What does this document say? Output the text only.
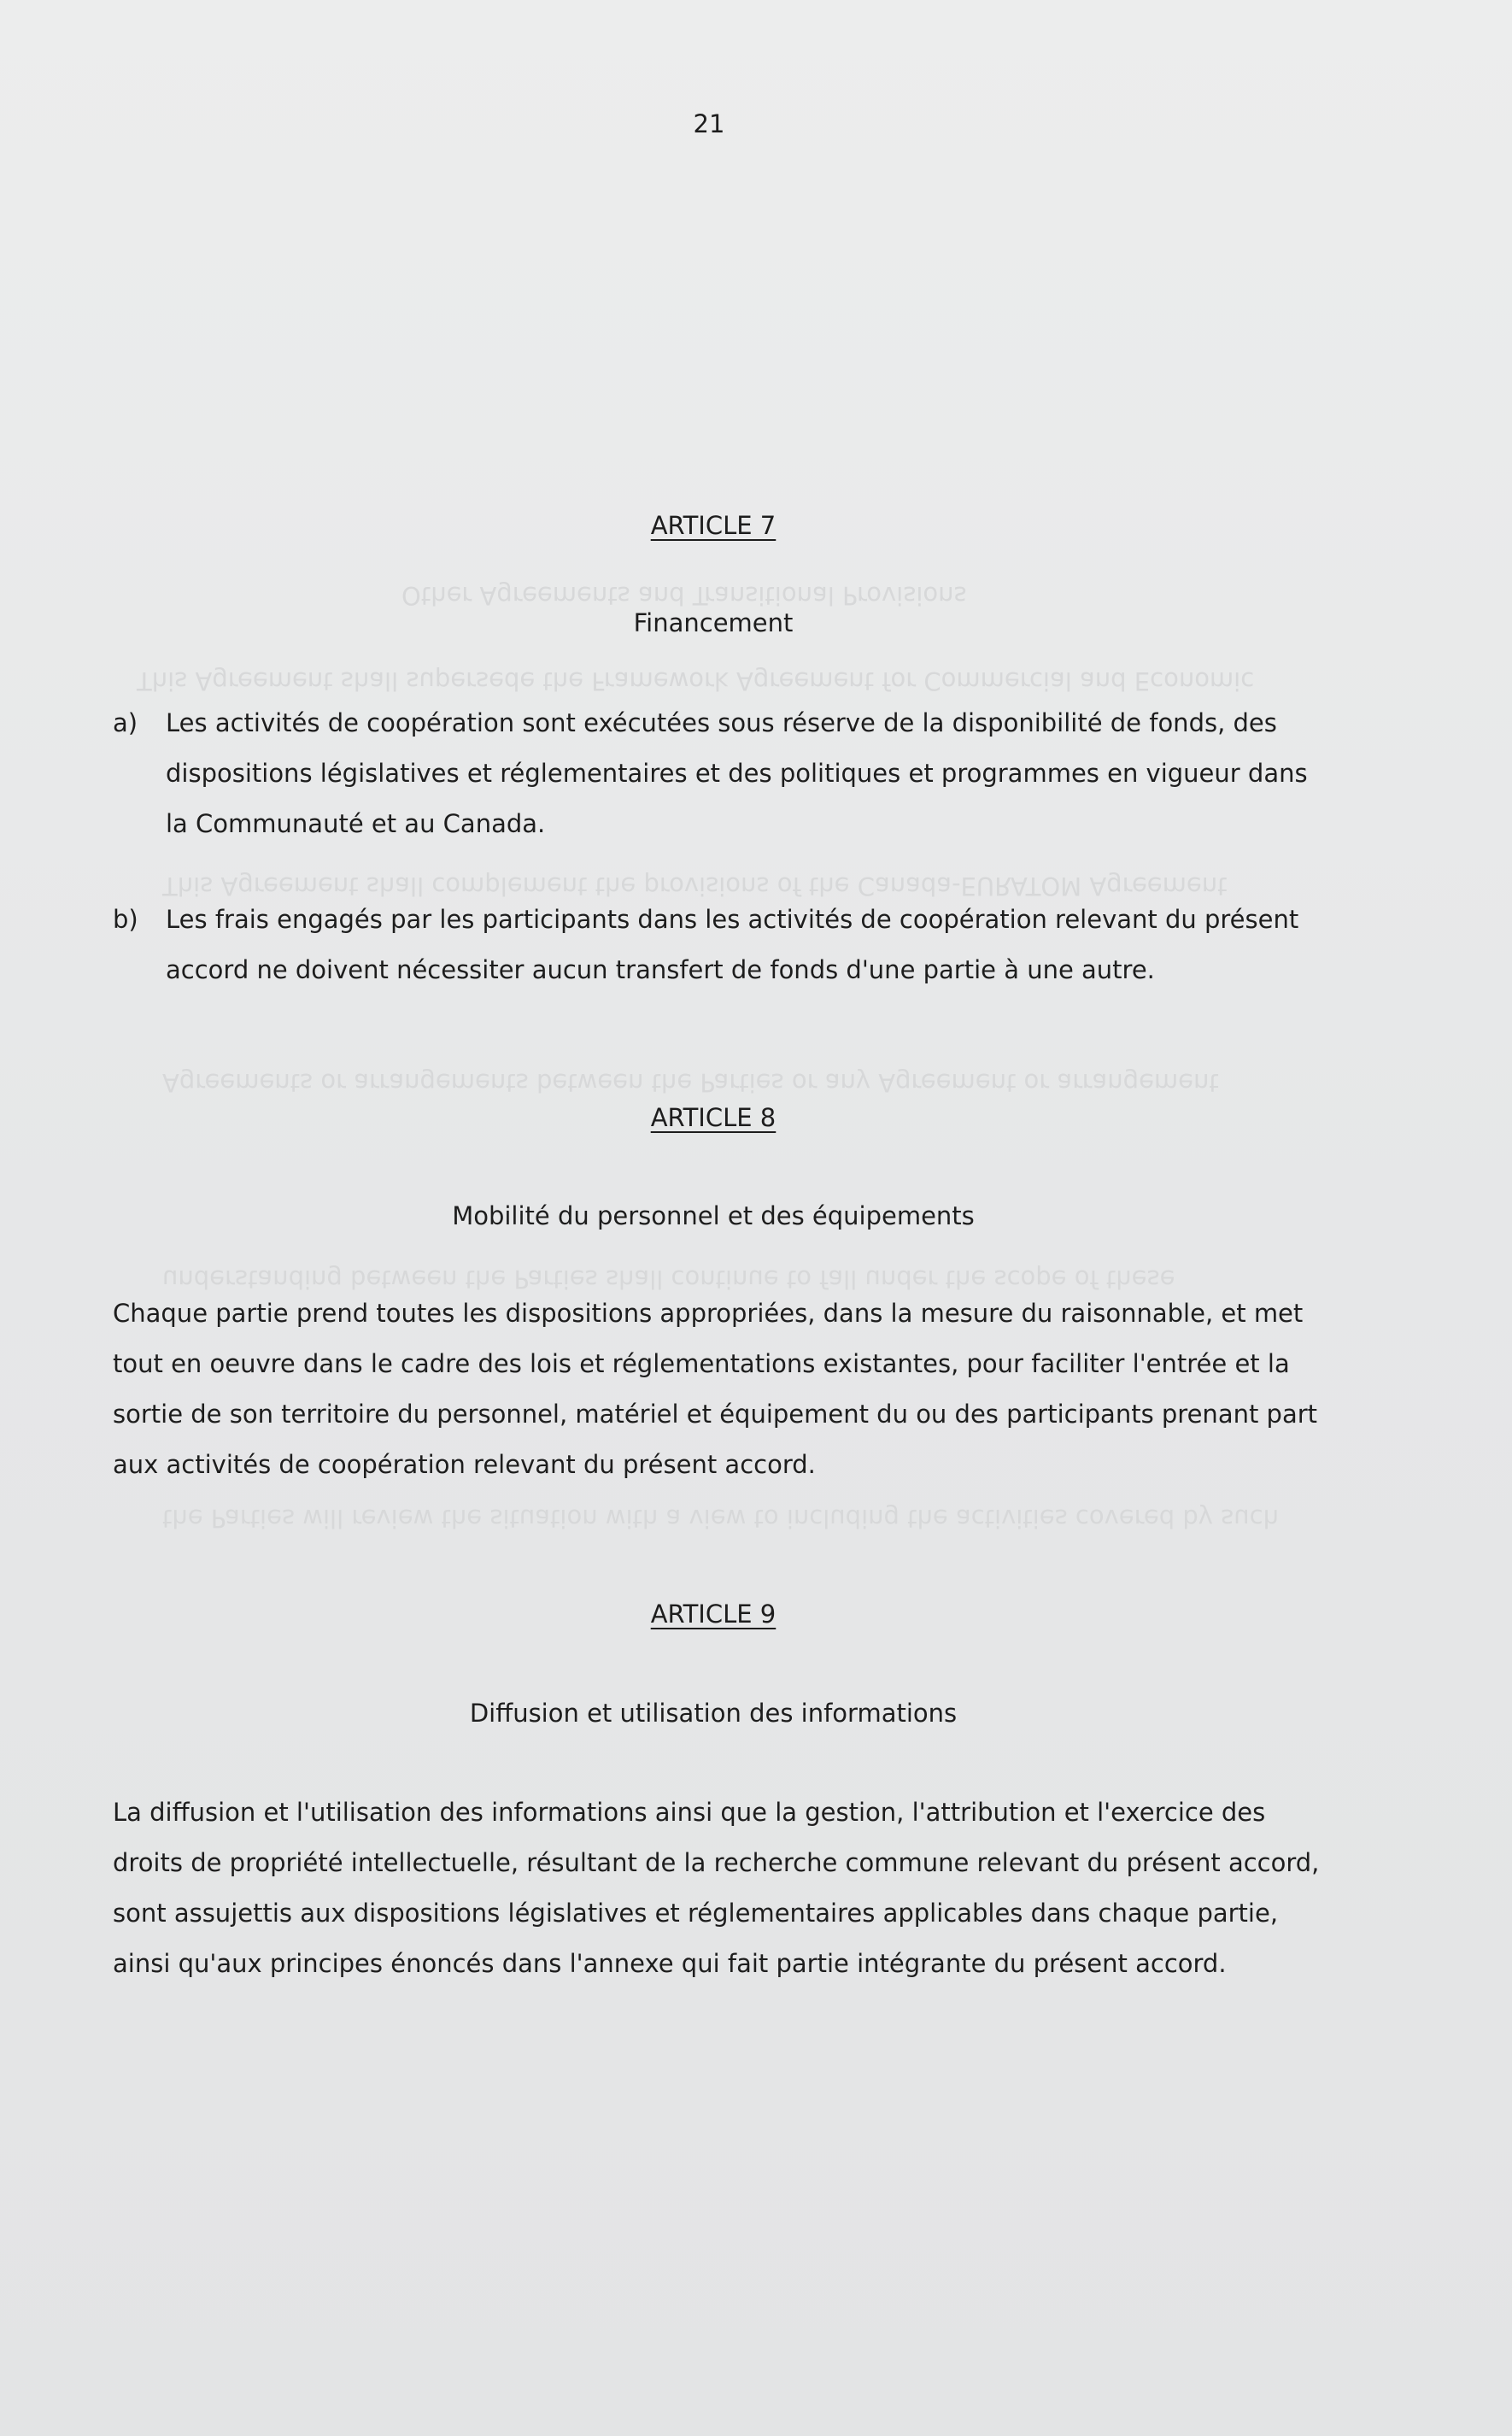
Other Agreements and Transitional Provisions
This Agreement shall supersede the Framework Agreement for Commercial and Economic
This Agreement shall complement the provisions of the Canada-EURATOM Agreement
Agreements or arrangements between the Parties or any Agreement or arrangement
understanding between the Parties shall continue to fall under the scope of these
the Parties will review the situation with a view to including the activities covered by such
21
ARTICLE 7
Financement
a)	Les activités de coopération sont exécutées sous réserve de la disponibilité de fonds, des dispositions législatives et réglementaires et des politiques et programmes en vigueur dans la Communauté et au Canada.
b)	Les frais engagés par les participants dans les activités de coopération relevant du présent accord ne doivent nécessiter aucun transfert de fonds d'une partie à une autre.
ARTICLE 8
Mobilité du personnel et des équipements
Chaque partie prend toutes les dispositions appropriées, dans la mesure du raisonnable, et met tout en oeuvre dans le cadre des lois et réglementations existantes, pour faciliter l'entrée et la sortie de son territoire du personnel, matériel et équipement du ou des participants prenant part aux activités de coopération relevant du présent accord.
ARTICLE 9
Diffusion et utilisation des informations
La diffusion et l'utilisation des informations ainsi que la gestion, l'attribution et l'exercice des droits de propriété intellectuelle, résultant de la recherche commune relevant du présent accord, sont assujettis aux dispositions législatives et réglementaires applicables dans chaque partie, ainsi qu'aux principes énoncés dans l'annexe qui fait partie intégrante du présent accord.
